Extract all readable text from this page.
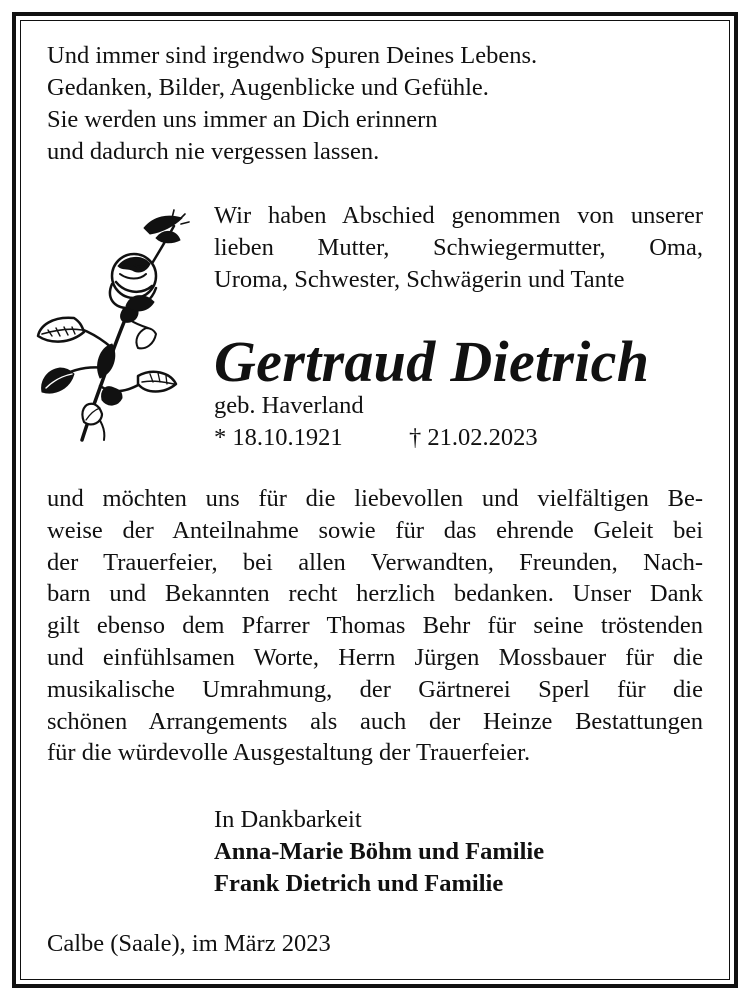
Und immer sind irgendwo Spuren Deines Lebens.
Gedanken, Bilder, Augenblicke und Gefühle.
Sie werden uns immer an Dich erinnern
und dadurch nie vergessen lassen.
Wir haben Abschied genommen von unserer
lieben Mutter, Schwiegermutter, Oma,
Uroma, Schwester, Schwägerin und Tante
Gertraud Dietrich
geb. Haverland
* 18.10.1921	† 21.02.2023
und möchten uns für die liebevollen und vielfältigen Be-
weise der Anteilnahme sowie für das ehrende Geleit bei
der Trauerfeier, bei allen Verwandten, Freunden, Nach-
barn und Bekannten recht herzlich bedanken. Unser Dank
gilt ebenso dem Pfarrer Thomas Behr für seine tröstenden
und einfühlsamen Worte, Herrn Jürgen Mossbauer für die
musikalische Umrahmung, der Gärtnerei Sperl für die
schönen Arrangements als auch der Heinze Bestattungen
für die würdevolle Ausgestaltung der Trauerfeier.
In Dankbarkeit
Anna-Marie Böhm und Familie
Frank Dietrich und Familie
Calbe (Saale), im März 2023
